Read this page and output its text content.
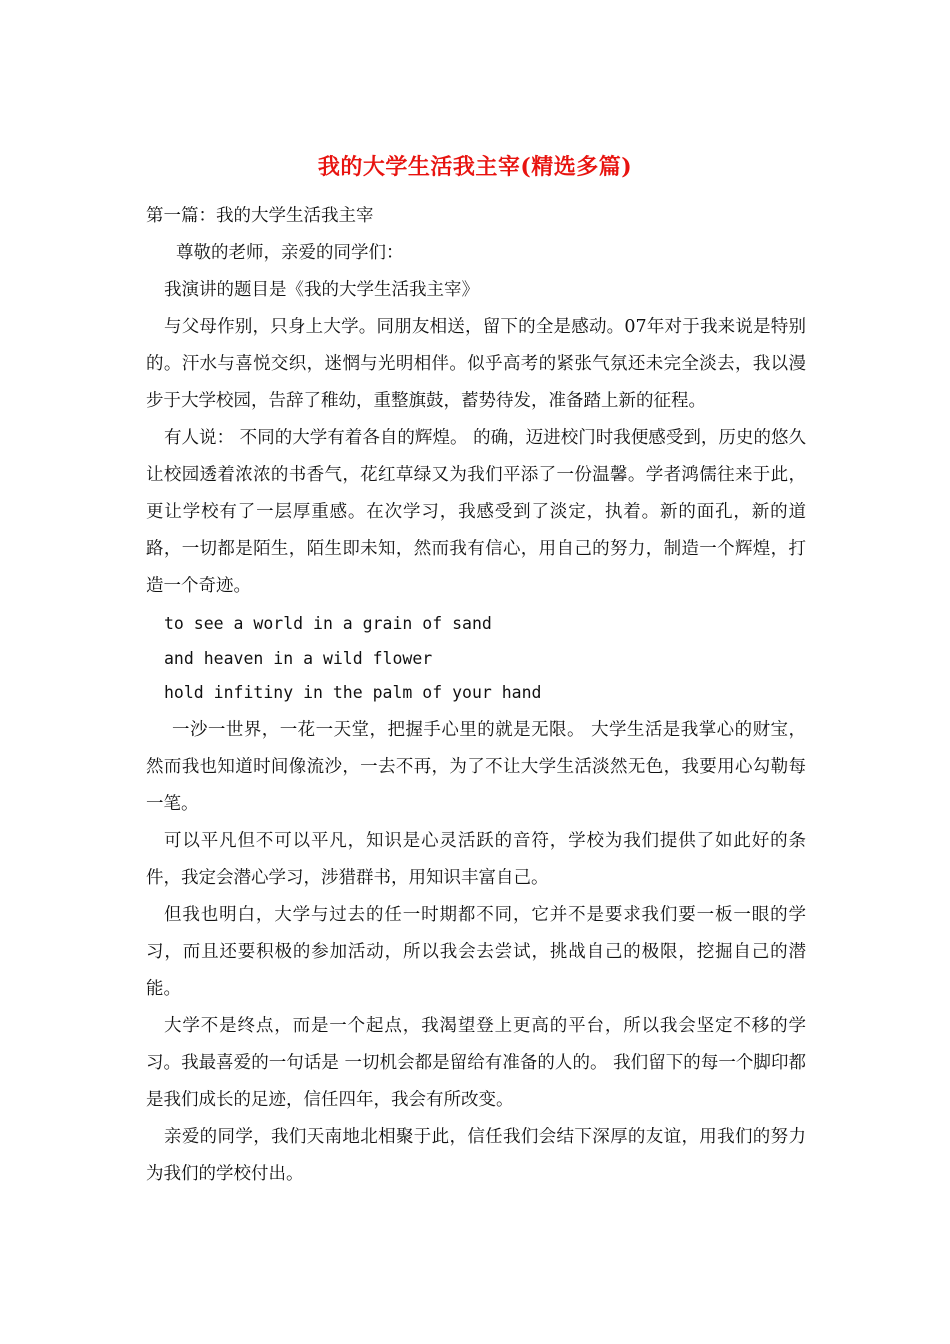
我的大学生活我主宰(精选多篇)

第一篇：我的大学生活我主宰

尊敬的老师，亲爱的同学们：

我演讲的题目是《我的大学生活我主宰》

与父母作别，只身上大学。同朋友相送，留下的全是感动。07年对于我来说是特别的。汗水与喜悦交织，迷惘与光明相伴。似乎高考的紧张气氛还未完全淡去，我以漫步于大学校园，告辞了稚幼，重整旗鼓，蓄势待发，准备踏上新的征程。

有人说： 不同的大学有着各自的辉煌。 的确，迈进校门时我便感受到，历史的悠久让校园透着浓浓的书香气，花红草绿又为我们平添了一份温馨。学者鸿儒往来于此，更让学校有了一层厚重感。在次学习，我感受到了淡定，执着。新的面孔，新的道路，一切都是陌生，陌生即未知，然而我有信心，用自己的努力，制造一个辉煌，打造一个奇迹。

to see a world in a grain of sand
and heaven in a wild flower
hold infitiny in the palm of your hand

一沙一世界，一花一天堂，把握手心里的就是无限。 大学生活是我掌心的财宝，然而我也知道时间像流沙，一去不再，为了不让大学生活淡然无色，我要用心勾勒每一笔。

可以平凡但不可以平凡，知识是心灵活跃的音符，学校为我们提供了如此好的条件，我定会潜心学习，涉猎群书，用知识丰富自己。

但我也明白，大学与过去的任一时期都不同，它并不是要求我们要一板一眼的学习，而且还要积极的参加活动，所以我会去尝试，挑战自己的极限，挖掘自己的潜能。

大学不是终点，而是一个起点，我渴望登上更高的平台，所以我会坚定不移的学习。我最喜爱的一句话是 一切机会都是留给有准备的人的。 我们留下的每一个脚印都是我们成长的足迹，信任四年，我会有所改变。

亲爱的同学，我们天南地北相聚于此，信任我们会结下深厚的友谊，用我们的努力为我们的学校付出。
